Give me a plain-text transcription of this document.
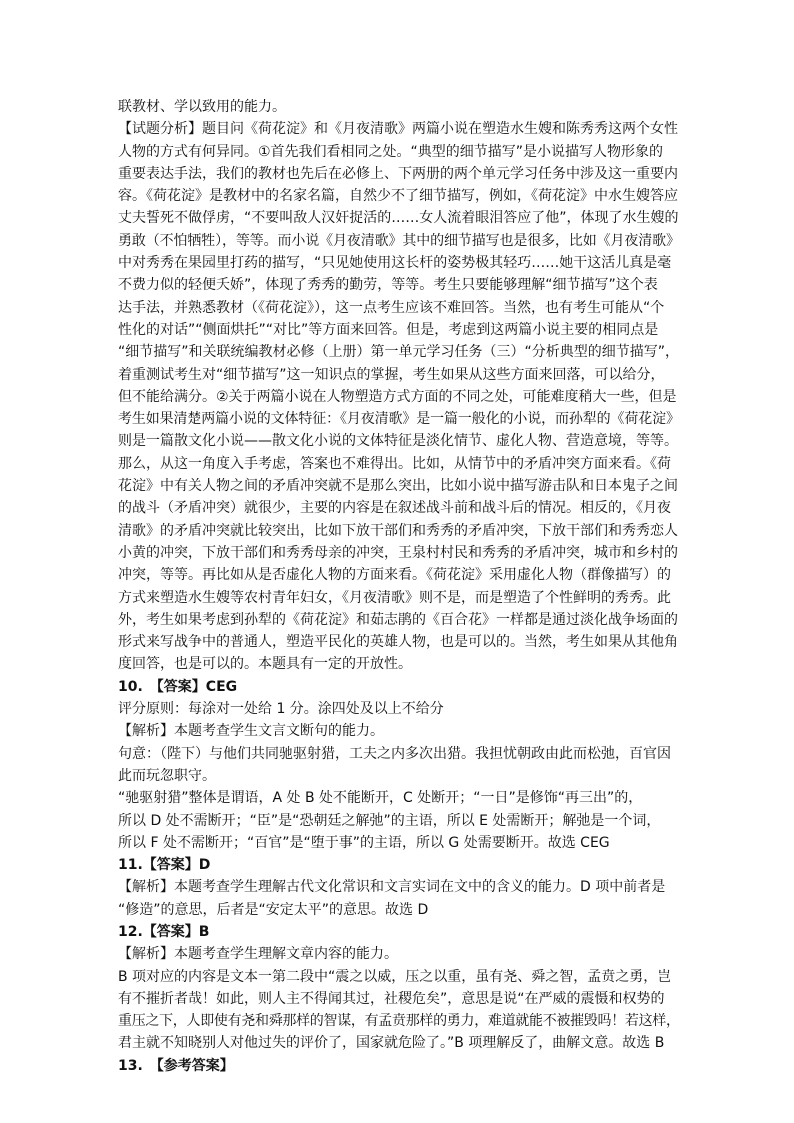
联教材、学以致用的能力。

【试题分析】题目问《荷花淀》和《月夜清歌》两篇小说在塑造水生嫂和陈秀秀这两个女性

人物的方式有何异同。①首先我们看相同之处。“典型的细节描写”是小说描写人物形象的

重要表达手法，我们的教材也先后在必修上、下两册的两个单元学习任务中涉及这一重要内

容。《荷花淀》是教材中的名家名篇，自然少不了细节描写，例如，《荷花淀》中水生嫂答应

丈夫誓死不做俘虏，“不要叫敌人汉奸捉活的……女人流着眼泪答应了他”，体现了水生嫂的

勇敢（不怕牺牲），等等。而小说《月夜清歌》其中的细节描写也是很多，比如《月夜清歌》

中对秀秀在果园里打药的描写，“只见她使用这长杆的姿势极其轻巧……她干这活儿真是毫

不费力似的轻便夭娇”，体现了秀秀的勤劳，等等。考生只要能够理解“细节描写”这个表

达手法，并熟悉教材（《荷花淀》），这一点考生应该不难回答。当然，也有考生可能从“个

性化的对话”“侧面烘托”“对比”等方面来回答。但是，考虑到这两篇小说主要的相同点是

“细节描写”和关联统编教材必修（上册）第一单元学习任务（三）“分析典型的细节描写”，

着重测试考生对“细节描写”这一知识点的掌握，考生如果从这些方面来回落，可以给分，

但不能给满分。②关于两篇小说在人物塑造方式方面的不同之处，可能难度稍大一些，但是

考生如果清楚两篇小说的文体特征：《月夜清歌》是一篇一般化的小说，而孙犁的《荷花淀》

则是一篇散文化小说——散文化小说的文体特征是淡化情节、虚化人物、营造意境，等等。

那么，从这一角度入手考虑，答案也不难得出。比如，从情节中的矛盾冲突方面来看。《荷

花淀》中有关人物之间的矛盾冲突就不是那么突出，比如小说中描写游击队和日本鬼子之间

的战斗（矛盾冲突）就很少，主要的内容是在叙述战斗前和战斗后的情况。相反的，《月夜

清歌》的矛盾冲突就比较突出，比如下放干部们和秀秀的矛盾冲突，下放干部们和秀秀恋人

小黄的冲突，下放干部们和秀秀母亲的冲突，王泉村村民和秀秀的矛盾冲突，城市和乡村的

冲突，等等。再比如从是否虚化人物的方面来看。《荷花淀》采用虚化人物（群像描写）的

方式来塑造水生嫂等农村青年妇女，《月夜清歌》则不是，而是塑造了个性鲜明的秀秀。此

外，考生如果考虑到孙犁的《荷花淀》和茹志鹃的《百合花》一样都是通过淡化战争场面的

形式来写战争中的普通人，塑造平民化的英雄人物，也是可以的。当然，考生如果从其他角

度回答，也是可以的。本题具有一定的开放性。

10.　【答案】CEG

评分原则：每涂对一处给 1 分。涂四处及以上不给分

【解析】本题考查学生文言文断句的能力。

句意：（陛下）与他们共同驰驱射猎，工夫之内多次出猎。我担忧朝政由此而松弛，百官因

此而玩忽职守。

“驰驱射猎”整体是谓语，A 处 B 处不能断开，C 处断开；“一日”是修饰“再三出”的，

所以 D 处不需断开；“臣”是“恐朝廷之解弛”的主语，所以 E 处需断开；解弛是一个词，

所以 F 处不需断开；“百官”是“堕于事”的主语，所以 G 处需要断开。故选 CEG

11.【答案】D

【解析】本题考查学生理解古代文化常识和文言实词在文中的含义的能力。D 项中前者是

“修造”的意思，后者是“安定太平”的意思。故选 D

12.【答案】B

【解析】本题考查学生理解文章内容的能力。

B 项对应的内容是文本一第二段中“震之以威，压之以重，虽有尧、舜之智，孟贲之勇，岂

有不摧折者哉！如此，则人主不得闻其过，社稷危矣”，意思是说“在严威的震慑和权势的

重压之下，人即使有尧和舜那样的智谋，有孟贲那样的勇力，难道就能不被摧毁吗！若这样，

君主就不知晓别人对他过失的评价了，国家就危险了。”B 项理解反了，曲解文意。故选 B

13.　【参考答案】
